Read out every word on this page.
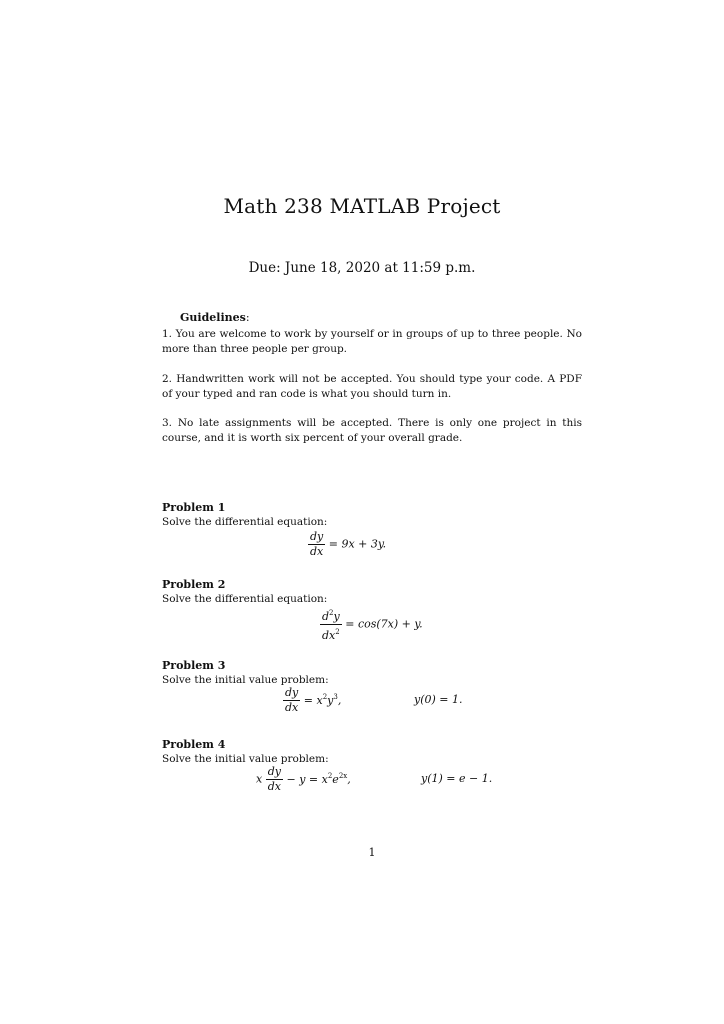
Math 238 MATLAB Project
Due: June 18, 2020 at 11:59 p.m.
Guidelines:
1. You are welcome to work by yourself or in groups of up to three people. No more than three people per group.
2. Handwritten work will not be accepted. You should type your code. A PDF of your typed and ran code is what you should turn in.
3. No late assignments will be accepted. There is only one project in this course, and it is worth six percent of your overall grade.
Problem 1
Solve the differential equation:
$\frac{dy}{dx} = 9x + 3y$.
Problem 2
Solve the differential equation:
$\frac{d^2y}{dx^2} = \cos(7x) + y$.
Problem 3
Solve the initial value problem:
$\frac{dy}{dx} = x^2y^3$,	y(0) = 1.
Problem 4
Solve the initial value problem:
x $\frac{dy}{dx} - y = x^2e^{2x}$,	y(1) = e − 1.
1
